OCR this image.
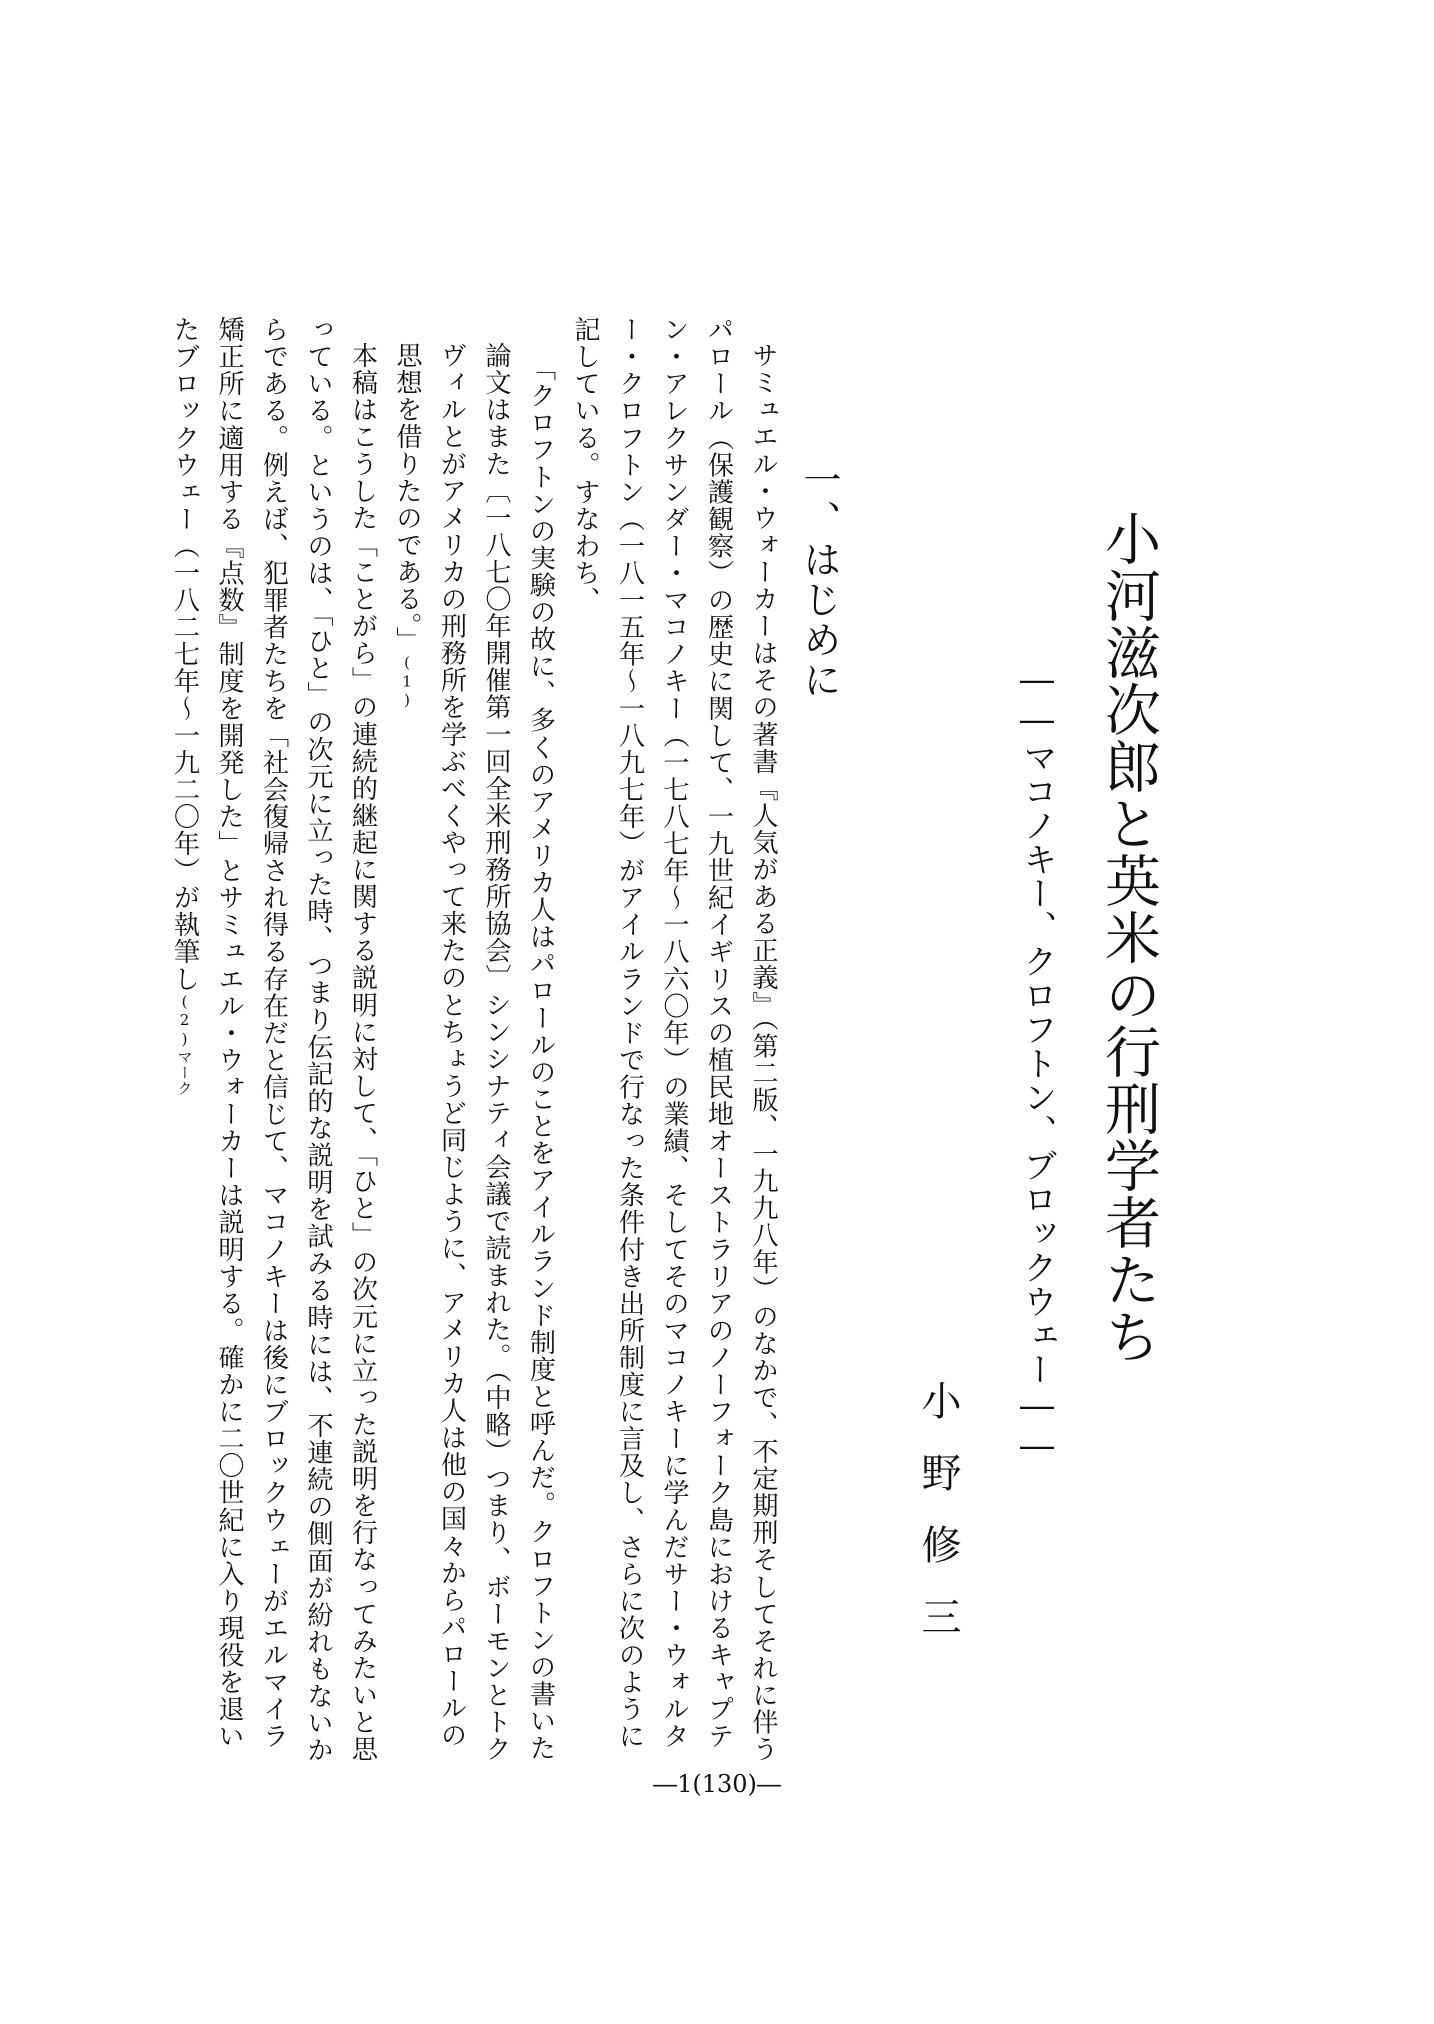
小河滋次郎と英米の行刑学者たち
――マコノキー、クロフトン、ブロックウェー――
小野修三
一、はじめに

サミュエル・ウォーカーはその著書『人気がある正義』（第二版、一九九八年）のなかで、不定期刑そしてそれに伴うパロール（保護観察）の歴史に関して、一九世紀イギリスの植民地オーストラリアのノーフォーク島におけるキャプテン・アレクサンダー・マコノキー（一七八七年～一八六〇年）の業績、そしてそのマコノキーに学んだサー・ウォルター・クロフトン（一八一五年～一八九七年）がアイルランドで行なった条件付き出所制度に言及し、さらに次のように記している。すなわち、

「クロフトンの実験の故に、多くのアメリカ人はパロールのことをアイルランド制度と呼んだ。クロフトンの書いた論文はまた〔一八七〇年開催第一回全米刑務所協会〕シンシナティ会議で読まれた。（中略）つまり、ボーモンとトクヴィルとがアメリカの刑務所を学ぶべくやって来たのとちょうど同じように、アメリカ人は他の国々からパロールの思想を借りたのである。」(1)

本稿はこうした「ことがら」の連続的継起に関する説明に対して、「ひと」の次元に立った説明を行なってみたいと思っている。というのは、「ひと」の次元に立った時、つまり伝記的な説明を試みる時には、不連続の側面が紛れもないからである。例えば、犯罪者たちを「社会復帰され得る存在だと信じて、マコノキーは後にブロックウェーがエルマイラ矯正所に適用する『点数』制度を開発した」とサミュエル・ウォーカーは説明する。確かに二〇世紀に入り現役を退いたブロックウェー（一八二七年～一九二〇年）が執筆し(2)マーク

―1(130)―
